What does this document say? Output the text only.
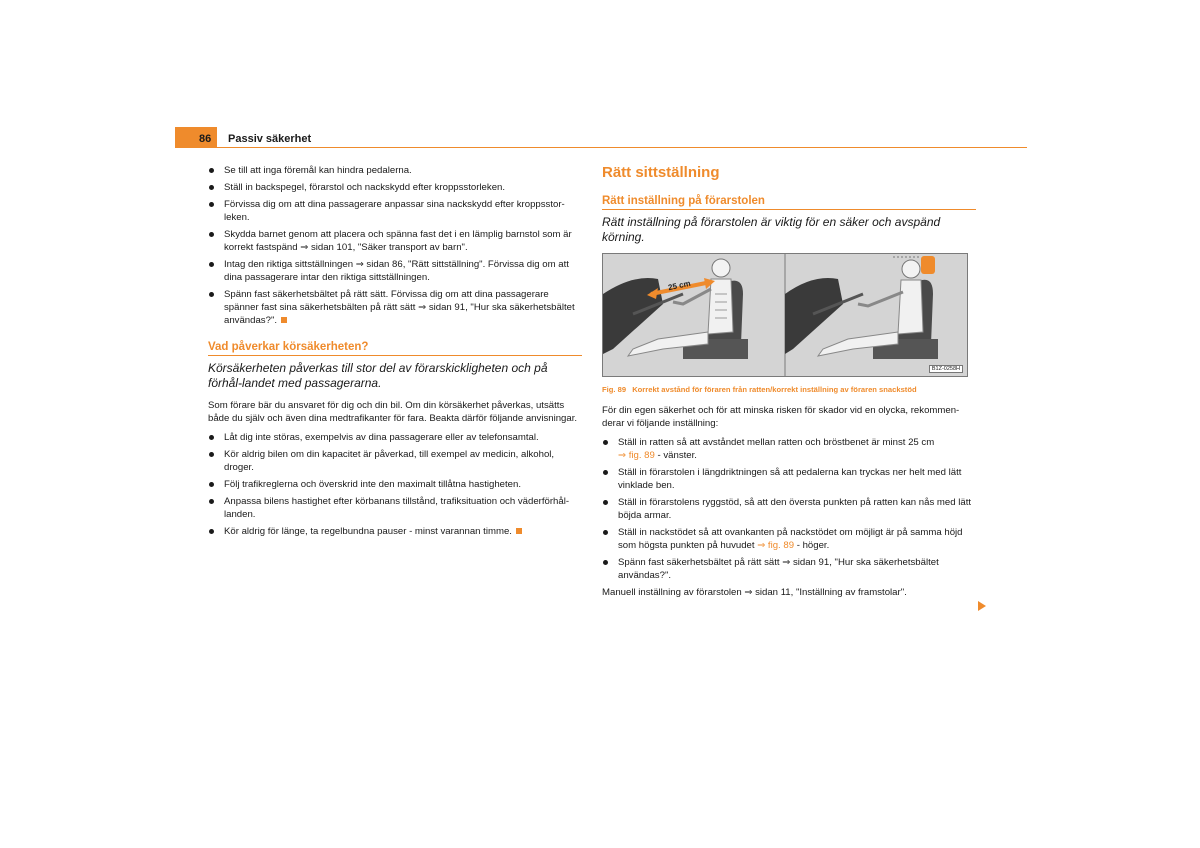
86 Passiv säkerhet
Se till att inga föremål kan hindra pedalerna.
Ställ in backspegel, förarstol och nackskydd efter kroppsstorleken.
Förvissa dig om att dina passagerare anpassar sina nackskydd efter kroppsstor-leken.
Skydda barnet genom att placera och spänna fast det i en lämplig barnstol som är korrekt fastspänd ⇒ sidan 101, "Säker transport av barn".
Intag den riktiga sittställningen ⇒ sidan 86, "Rätt sittställning". Förvissa dig om att dina passagerare intar den riktiga sittställningen.
Spänn fast säkerhetsbältet på rätt sätt. Förvissa dig om att dina passagerare spänner fast sina säkerhetsbälten på rätt sätt ⇒ sidan 91, "Hur ska säkerhetsbältet användas?".
Vad påverkar körsäkerheten?
Körsäkerheten påverkas till stor del av förarskickligheten och på förhål-landet med passagerarna.
Som förare bär du ansvaret för dig och din bil. Om din körsäkerhet påverkas, utsätts både du själv och även dina medtrafikanter för fara. Beakta därför följande anvisningar.
Låt dig inte störas, exempelvis av dina passagerare eller av telefonsamtal.
Kör aldrig bilen om din kapacitet är påverkad, till exempel av medicin, alkohol, droger.
Följ trafikreglerna och överskrid inte den maximalt tillåtna hastigheten.
Anpassa bilens hastighet efter körbanans tillstånd, trafiksituation och väderförhål-landen.
Kör aldrig för länge, ta regelbundna pauser - minst varannan timme.
Rätt sittställning
Rätt inställning på förarstolen
Rätt inställning på förarstolen är viktig för en säker och avspänd körning.
25 cm
B1Z-0258H
Fig. 89 Korrekt avstånd för föraren från ratten/korrekt inställning av föraren snackstöd
För din egen säkerhet och för att minska risken för skador vid en olycka, rekommen-derar vi följande inställning:
Ställ in ratten så att avståndet mellan ratten och bröstbenet är minst 25 cm
⇒ fig. 89 - vänster.
Ställ in förarstolen i längdriktningen så att pedalerna kan tryckas ner helt med lätt vinklade ben.
Ställ in förarstolens ryggstöd, så att den översta punkten på ratten kan nås med lätt böjda armar.
Ställ in nackstödet så att ovankanten på nackstödet om möjligt är på samma höjd som högsta punkten på huvudet ⇒ fig. 89 - höger.
Spänn fast säkerhetsbältet på rätt sätt ⇒ sidan 91, "Hur ska säkerhetsbältet användas?".
Manuell inställning av förarstolen ⇒ sidan 11, "Inställning av framstolar".
